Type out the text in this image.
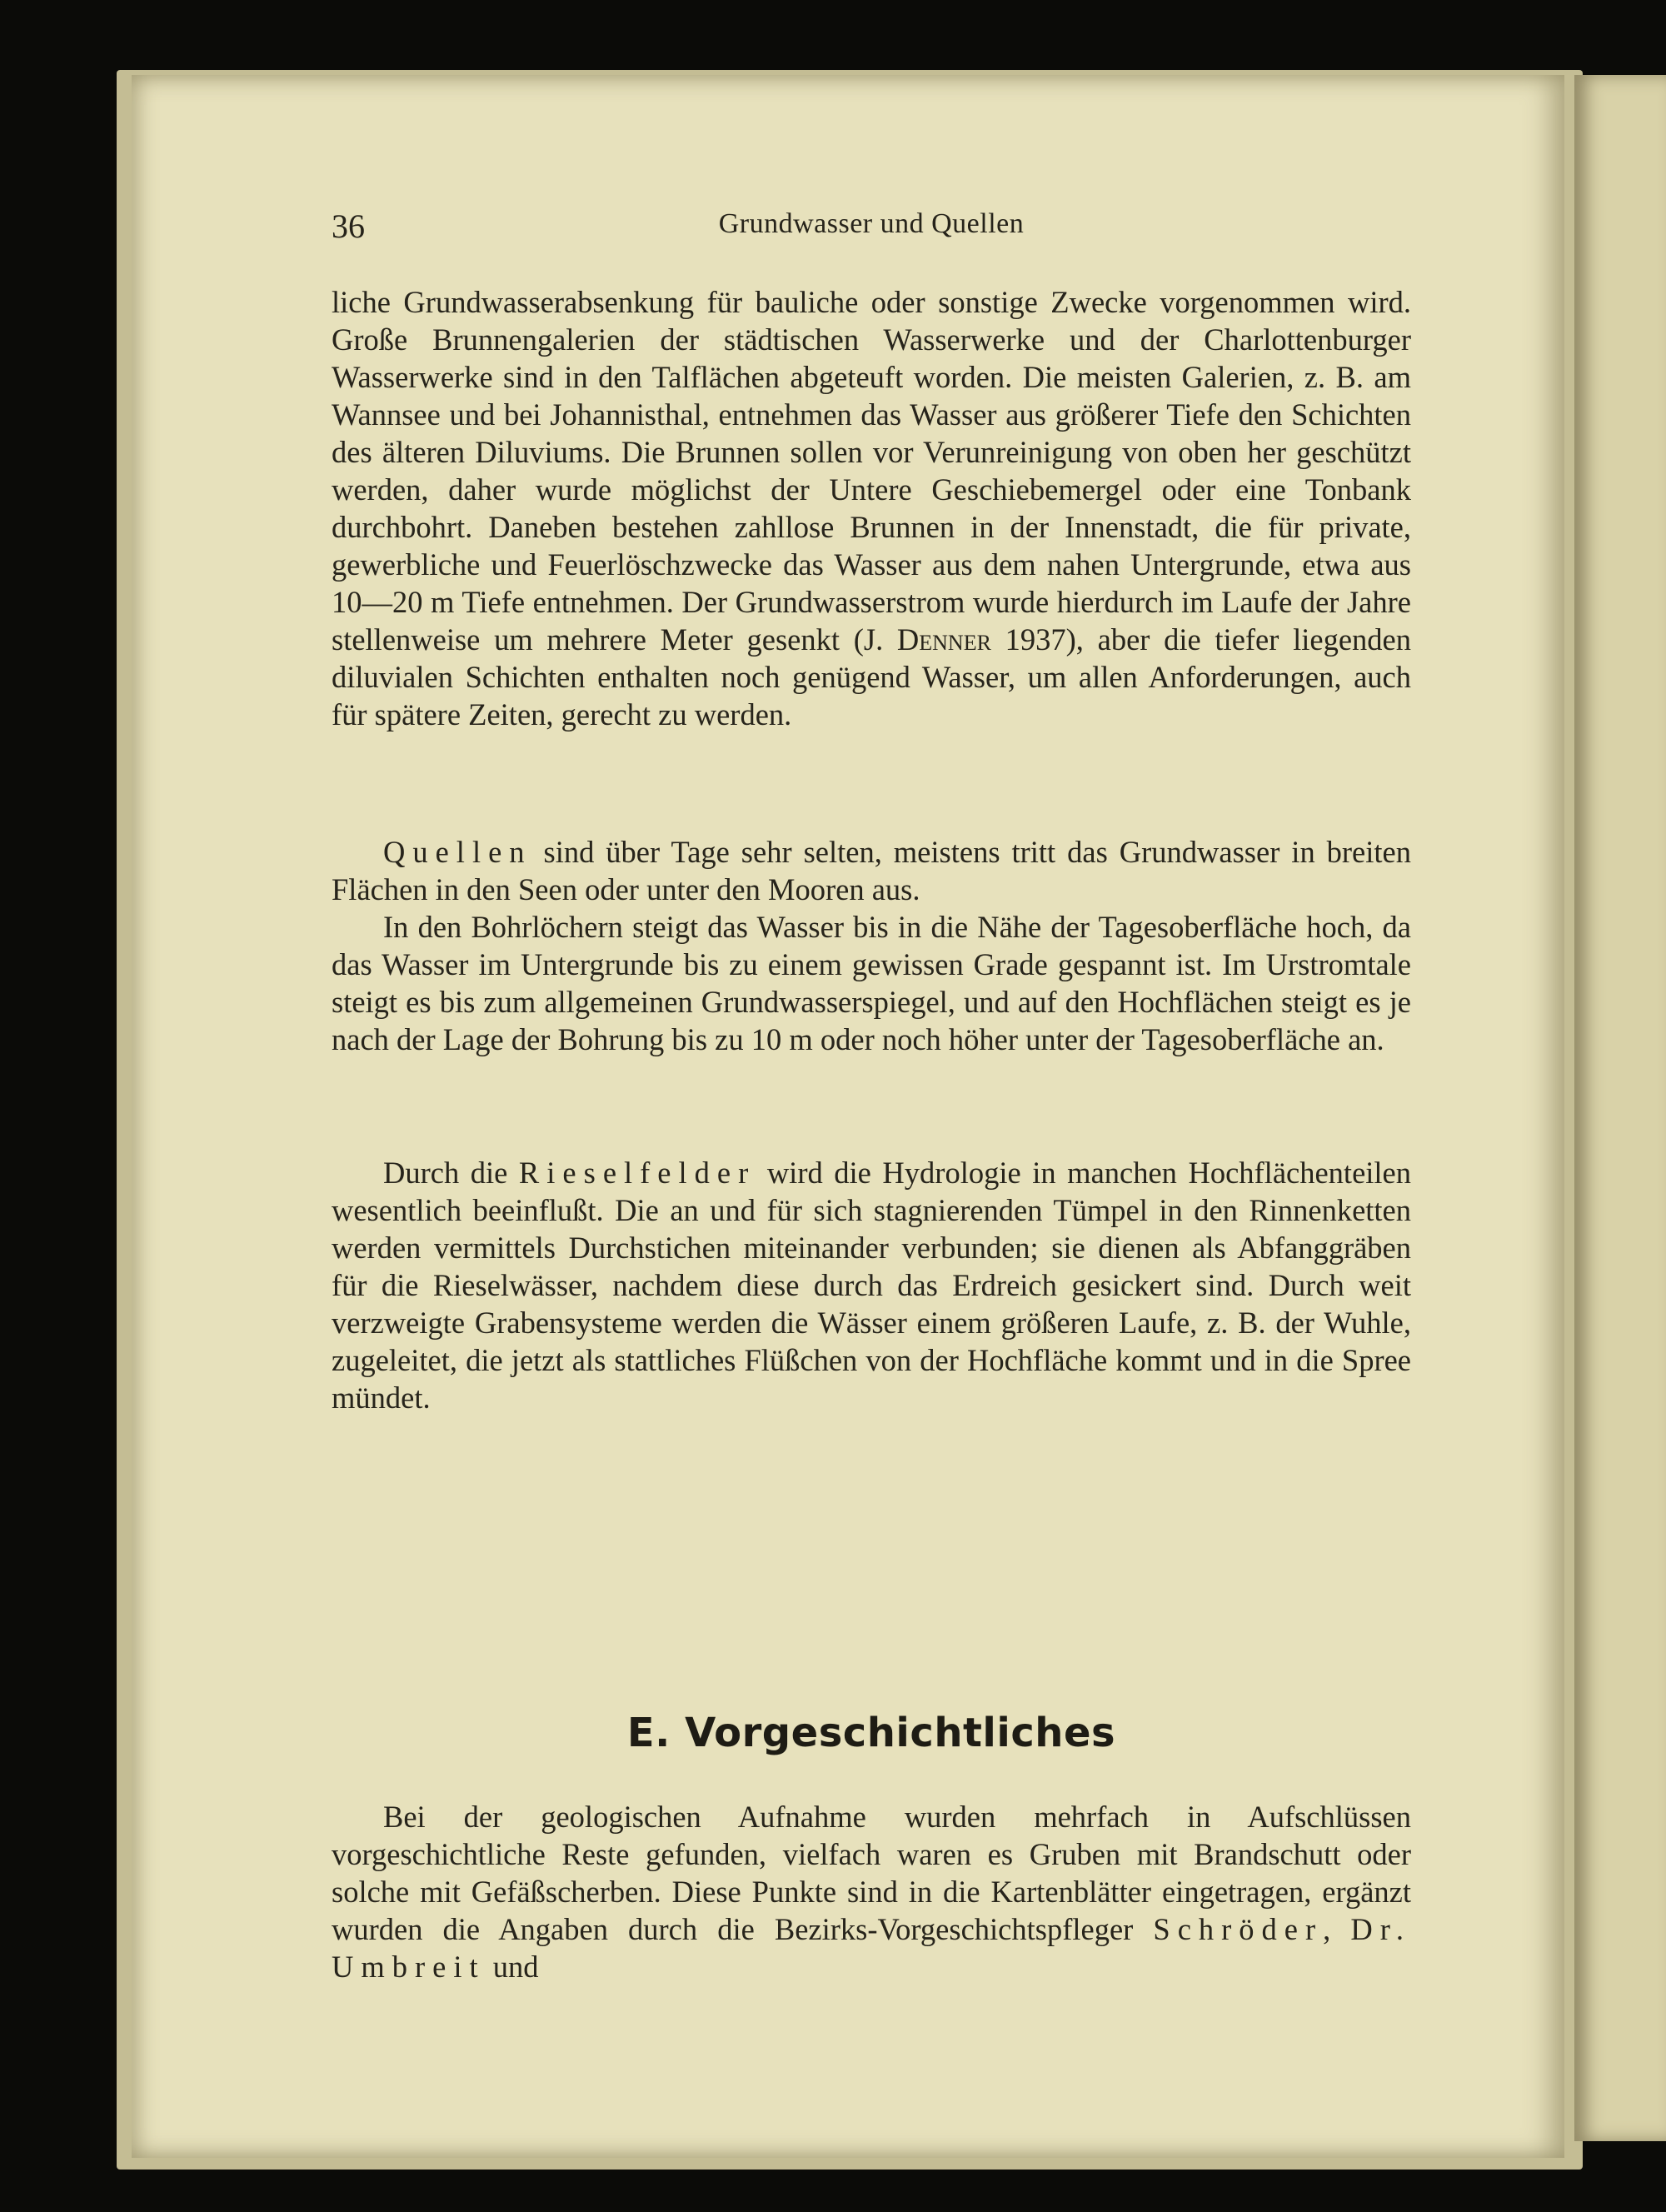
36	Grundwasser und Quellen

liche Grundwasserabsenkung für bauliche oder sonstige Zwecke vorgenommen wird. Große Brunnengalerien der städtischen Wasserwerke und der Charlottenburger Wasserwerke sind in den Talflächen abgeteuft worden. Die meisten Galerien, z. B. am Wannsee und bei Johannisthal, entnehmen das Wasser aus größerer Tiefe den Schichten des älteren Diluviums. Die Brunnen sollen vor Verunreinigung von oben her geschützt werden, daher wurde möglichst der Untere Geschiebemergel oder eine Tonbank durchbohrt. Daneben bestehen zahllose Brunnen in der Innenstadt, die für private, gewerbliche und Feuerlöschzwecke das Wasser aus dem nahen Untergrunde, etwa aus 10—20 m Tiefe entnehmen. Der Grundwasserstrom wurde hierdurch im Laufe der Jahre stellenweise um mehrere Meter gesenkt (J. Denner 1937), aber die tiefer liegenden diluvialen Schichten enthalten noch genügend Wasser, um allen Anforderungen, auch für spätere Zeiten, gerecht zu werden.

Quellen sind über Tage sehr selten, meistens tritt das Grundwasser in breiten Flächen in den Seen oder unter den Mooren aus.

In den Bohrlöchern steigt das Wasser bis in die Nähe der Tagesoberfläche hoch, da das Wasser im Untergrunde bis zu einem gewissen Grade gespannt ist. Im Urstromtale steigt es bis zum allgemeinen Grundwasserspiegel, und auf den Hochflächen steigt es je nach der Lage der Bohrung bis zu 10 m oder noch höher unter der Tagesoberfläche an.

Durch die Rieselfelder wird die Hydrologie in manchen Hochflächenteilen wesentlich beeinflußt. Die an und für sich stagnierenden Tümpel in den Rinnenketten werden vermittels Durchstichen miteinander verbunden; sie dienen als Abfanggräben für die Rieselwässer, nachdem diese durch das Erdreich gesickert sind. Durch weit verzweigte Grabensysteme werden die Wässer einem größeren Laufe, z. B. der Wuhle, zugeleitet, die jetzt als stattliches Flüßchen von der Hochfläche kommt und in die Spree mündet.

E. Vorgeschichtliches

Bei der geologischen Aufnahme wurden mehrfach in Aufschlüssen vorgeschichtliche Reste gefunden, vielfach waren es Gruben mit Brandschutt oder solche mit Gefäßscherben. Diese Punkte sind in die Kartenblätter eingetragen, ergänzt wurden die Angaben durch die Bezirks-Vorgeschichtspfleger Schröder, Dr. Umbreit und
